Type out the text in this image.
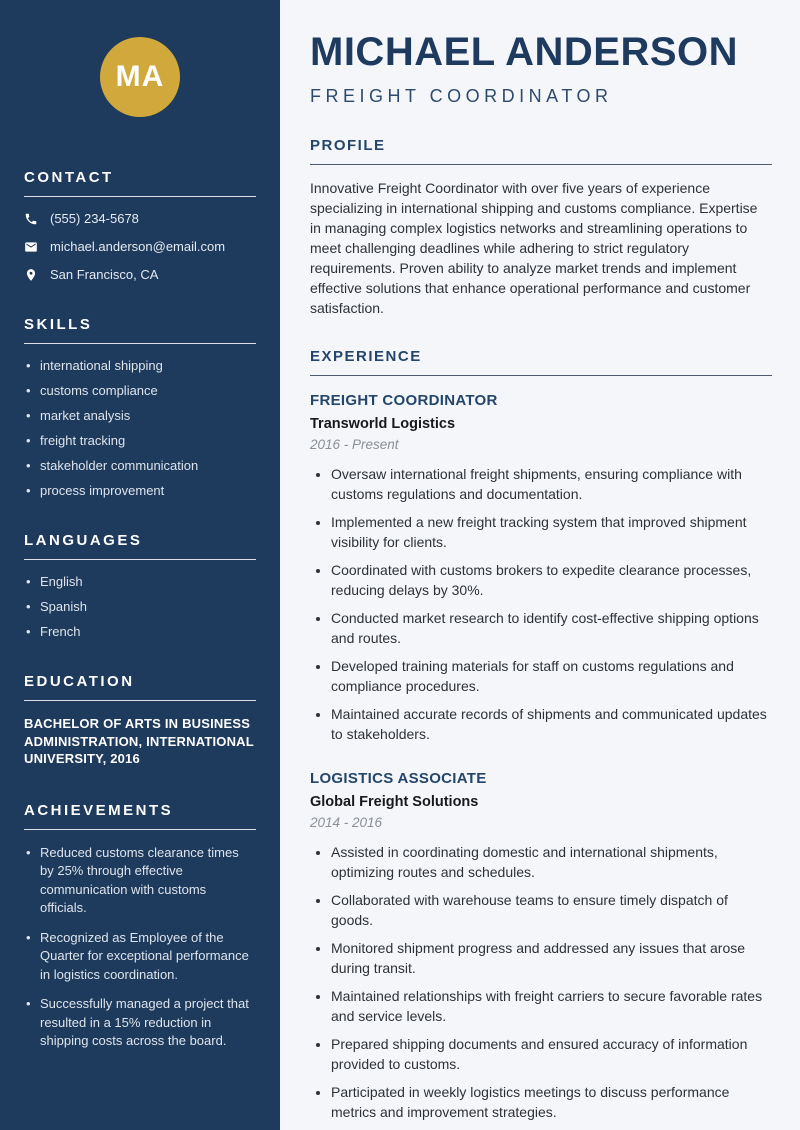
MA
CONTACT
(555) 234-5678
michael.anderson@email.com
San Francisco, CA
SKILLS
• international shipping
• customs compliance
• market analysis
• freight tracking
• stakeholder communication
• process improvement
LANGUAGES
• English
• Spanish
• French
EDUCATION
BACHELOR OF ARTS IN BUSINESS ADMINISTRATION, INTERNATIONAL UNIVERSITY, 2016
ACHIEVEMENTS
• Reduced customs clearance times by 25% through effective communication with customs officials.
• Recognized as Employee of the Quarter for exceptional performance in logistics coordination.
• Successfully managed a project that resulted in a 15% reduction in shipping costs across the board.
MICHAEL ANDERSON
FREIGHT COORDINATOR
PROFILE

Innovative Freight Coordinator with over five years of experience specializing in international shipping and customs compliance. Expertise in managing complex logistics networks and streamlining operations to meet challenging deadlines while adhering to strict regulatory requirements. Proven ability to analyze market trends and implement effective solutions that enhance operational performance and customer satisfaction.

EXPERIENCE
FREIGHT COORDINATOR
Transworld Logistics
2016 - Present
• Oversaw international freight shipments, ensuring compliance with customs regulations and documentation.
• Implemented a new freight tracking system that improved shipment visibility for clients.
• Coordinated with customs brokers to expedite clearance processes, reducing delays by 30%.
• Conducted market research to identify cost-effective shipping options and routes.
• Developed training materials for staff on customs regulations and compliance procedures.
• Maintained accurate records of shipments and communicated updates to stakeholders.
LOGISTICS ASSOCIATE
Global Freight Solutions
2014 - 2016
• Assisted in coordinating domestic and international shipments, optimizing routes and schedules.
• Collaborated with warehouse teams to ensure timely dispatch of goods.
• Monitored shipment progress and addressed any issues that arose during transit.
• Maintained relationships with freight carriers to secure favorable rates and service levels.
• Prepared shipping documents and ensured accuracy of information provided to customs.
• Participated in weekly logistics meetings to discuss performance metrics and improvement strategies.
